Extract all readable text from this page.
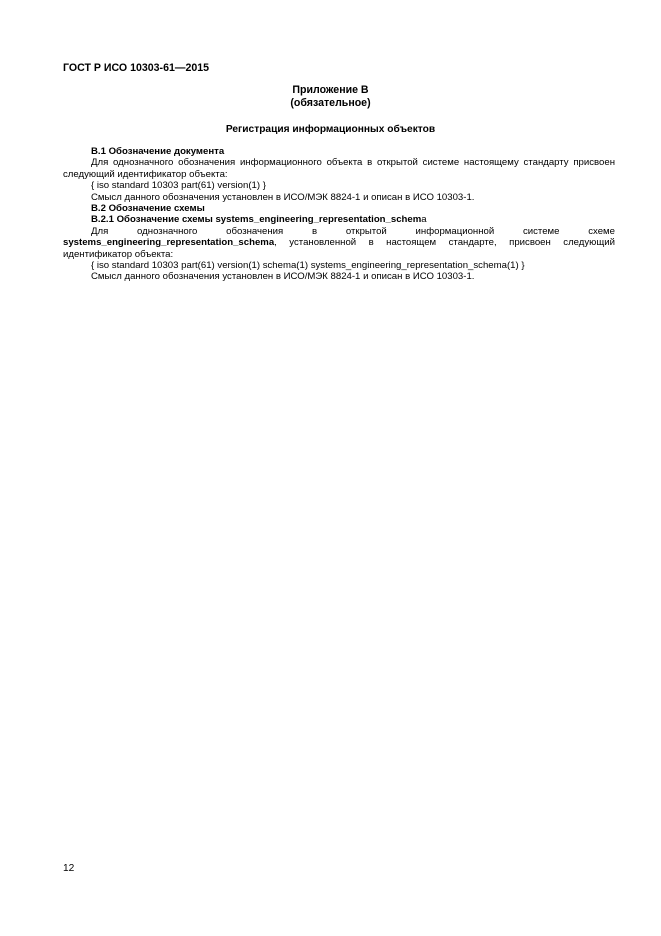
ГОСТ Р ИСО 10303-61—2015
Приложение В
(обязательное)
Регистрация информационных объектов

В.1 Обозначение документа

Для однозначного обозначения информационного объекта в открытой системе настоящему стандарту присвоен следующий идентификатор объекта:

{ iso standard 10303 part(61) version(1) }

Смысл данного обозначения установлен в ИСО/МЭК 8824-1 и описан в ИСО 10303-1.

В.2 Обозначение схемы

В.2.1 Обозначение схемы systems_engineering_representation_schema

Для однозначного обозначения в открытой информационной системе схеме

systems_engineering_representation_schema, установленной в настоящем стандарте, присвоен следующий идентификатор объекта:

{ iso standard 10303 part(61) version(1) schema(1) systems_engineering_representation_schema(1) }

Смысл данного обозначения установлен в ИСО/МЭК 8824-1 и описан в ИСО 10303-1.

12
